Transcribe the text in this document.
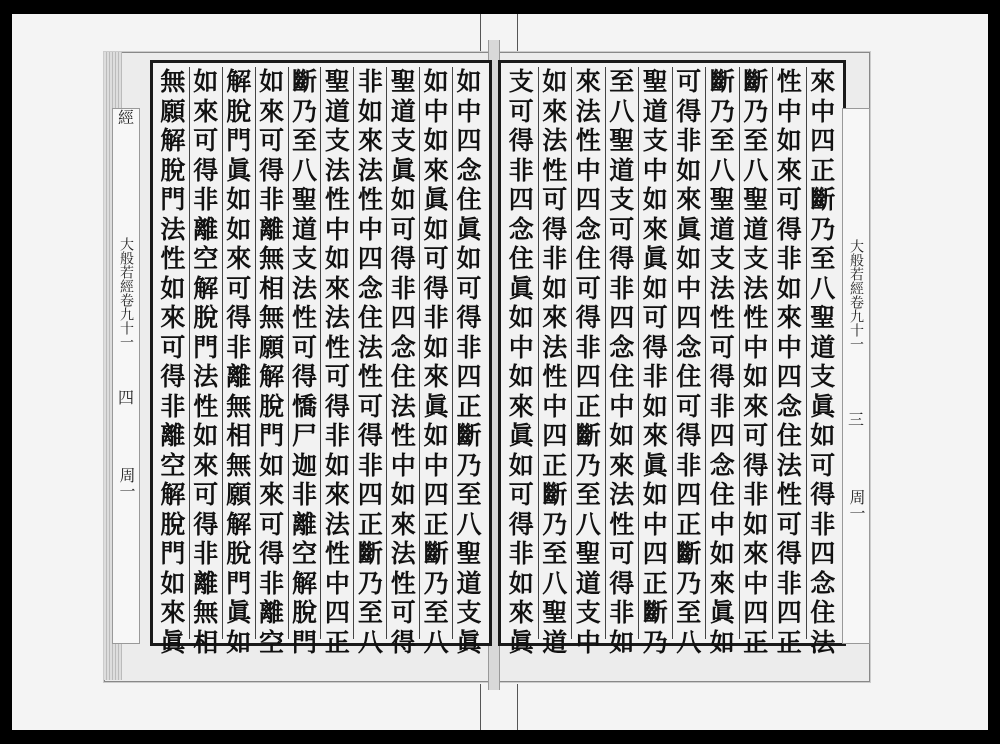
經
大般若經卷九十一
四
周一
如
中
四
念
住
眞
如
可
得
非
四
正
斷
乃
至
八
聖
道
支
眞
如
中
如
來
眞
如
可
得
非
如
來
眞
如
中
四
正
斷
乃
至
八
聖
道
支
眞
如
可
得
非
四
念
住
法
性
中
如
來
法
性
可
得
非
如
來
法
性
中
四
念
住
法
性
可
得
非
四
正
斷
乃
至
八
聖
道
支
法
性
中
如
來
法
性
可
得
非
如
來
法
性
中
四
正
斷
乃
至
八
聖
道
支
法
性
可
得
憍
尸
迦
非
離
空
解
脫
門
如
來
可
得
非
離
無
相
無
願
解
脫
門
如
來
可
得
非
離
空
解
脫
門
眞
如
如
來
可
得
非
離
無
相
無
願
解
脫
門
眞
如
如
來
可
得
非
離
空
解
脫
門
法
性
如
來
可
得
非
離
無
相
無
願
解
脫
門
法
性
如
來
可
得
非
離
空
解
脫
門
如
來
眞
來
中
四
正
斷
乃
至
八
聖
道
支
眞
如
可
得
非
四
念
住
法
性
中
如
來
可
得
非
如
來
中
四
念
住
法
性
可
得
非
四
正
斷
乃
至
八
聖
道
支
法
性
中
如
來
可
得
非
如
來
中
四
正
斷
乃
至
八
聖
道
支
法
性
可
得
非
四
念
住
中
如
來
眞
如
可
得
非
如
來
眞
如
中
四
念
住
可
得
非
四
正
斷
乃
至
八
聖
道
支
中
如
來
眞
如
可
得
非
如
來
眞
如
中
四
正
斷
乃
至
八
聖
道
支
可
得
非
四
念
住
中
如
來
法
性
可
得
非
如
來
法
性
中
四
念
住
可
得
非
四
正
斷
乃
至
八
聖
道
支
中
如
來
法
性
可
得
非
如
來
法
性
中
四
正
斷
乃
至
八
聖
道
支
可
得
非
四
念
住
眞
如
中
如
來
眞
如
可
得
非
如
來
眞
大般若經卷九十一
三
周一
